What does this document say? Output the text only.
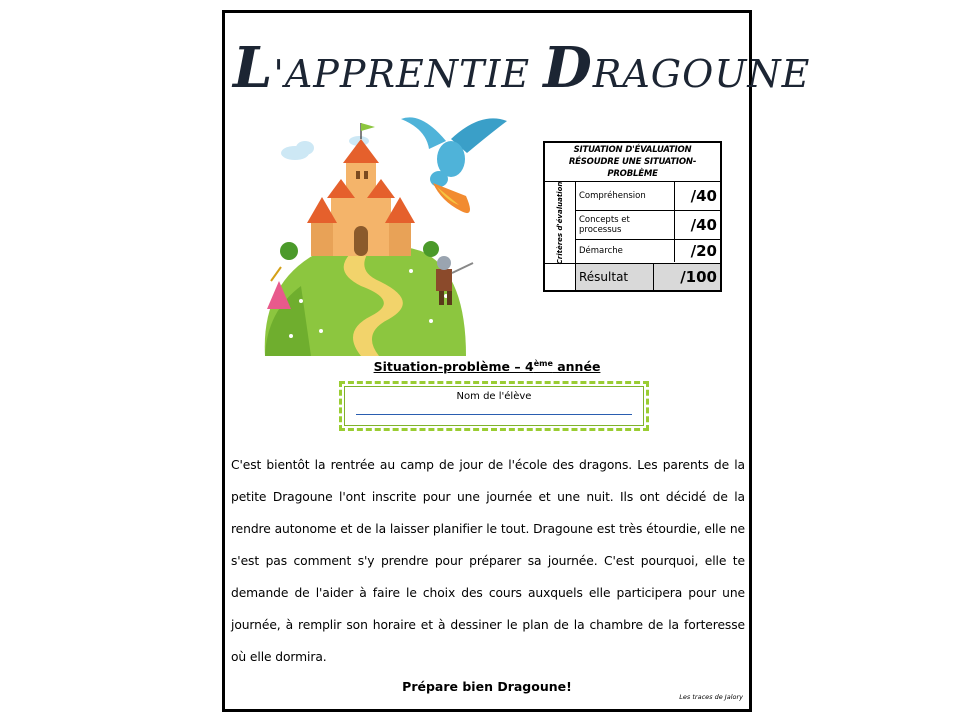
L'APPRENTIE DRAGOUNE
SITUATION D'ÉVALUATION
RÉSOUDRE UNE SITUATION-PROBLÈME
Critères d'évaluation	Compréhension	/40
Concepts et processus	/40
Démarche	/20
Résultat	/100
Situation-problème – 4ème année
Nom de l'élève
C'est bientôt la rentrée au camp de jour de l'école des dragons. Les parents de la petite Dragoune l'ont inscrite pour une journée et une nuit. Ils ont décidé de la rendre autonome et de la laisser planifier le tout. Dragoune est très étourdie, elle ne s'est pas comment s'y prendre pour préparer sa journée. C'est pourquoi, elle te demande de l'aider à faire le choix des cours auxquels elle participera pour une journée, à remplir son horaire et à dessiner le plan de la chambre de la forteresse où elle dormira.
Prépare bien Dragoune!
Les traces de Jalory
